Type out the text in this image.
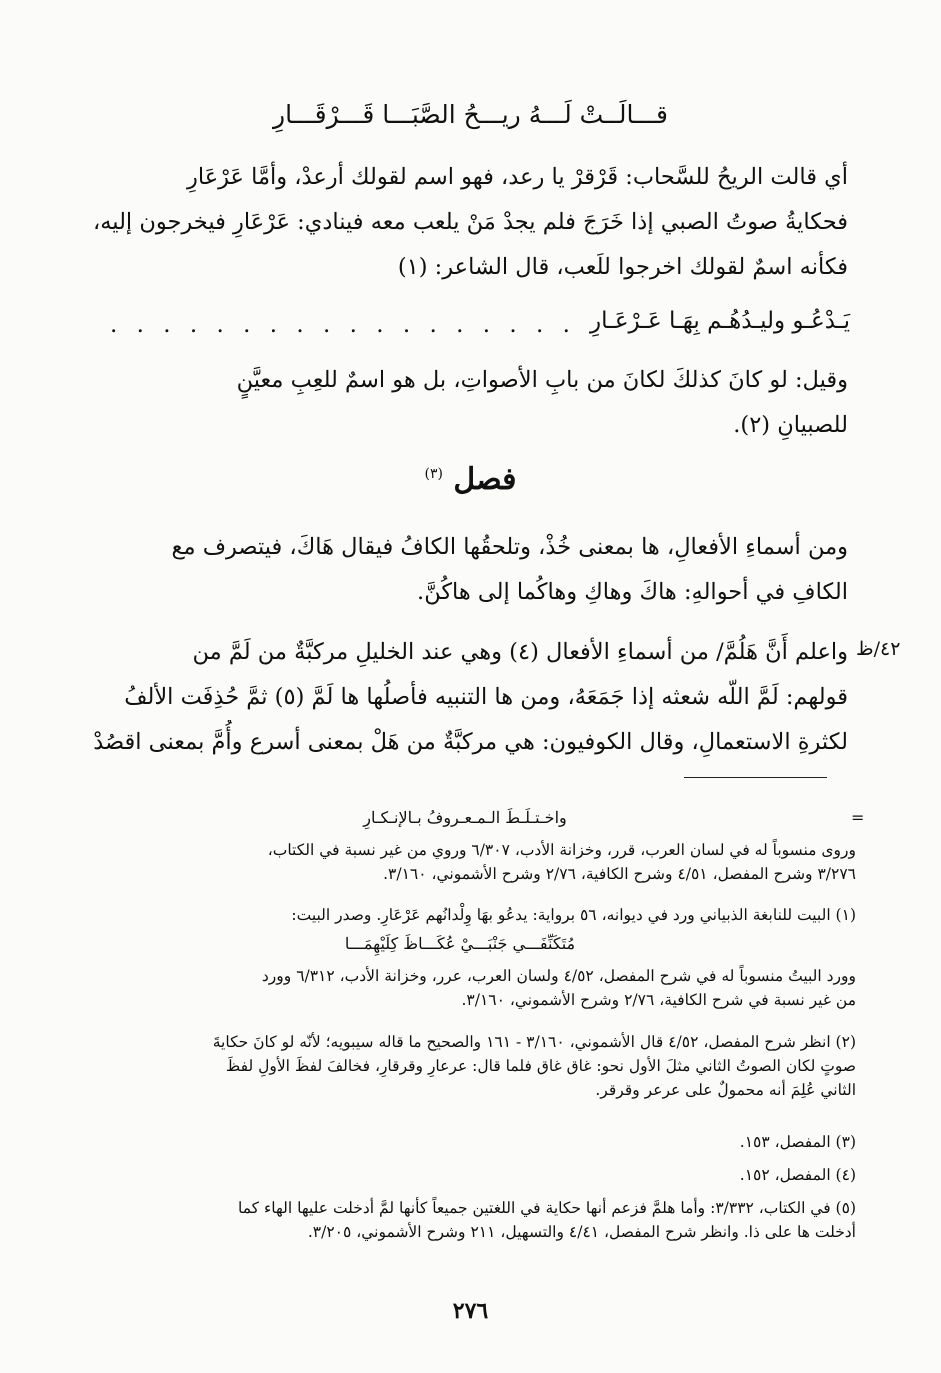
قـــالَــتْ لَـــهُ ريـــحُ الصَّبَـــا قَـــرْقَـــارِ
أي قالت الريحُ للسَّحاب: قَرْقرْ يا رعد، فهو اسم لقولك أرعدْ، وأمَّا عَرْعَارِ
فحكايةُ صوتُ الصبي إذا خَرَجَ فلم يجدْ مَنْ يلعب معه فينادي: عَرْعَارِ فيخرجون إليه،
فكأنه اسمٌ لقولك اخرجوا للَعب، قال الشاعر: (١)
يَـدْعُـو وليـدُهُـم بِهَـا عَـرْعَـارِ
. . . . . . . . . . . . . . . . . .
وقيل: لو كانَ كذلكَ لكانَ من بابِ الأصواتِ، بل هو اسمٌ للعِبِ معيَّنٍ
للصبيانِ (٢).
فصل $^{(٣)}$
ومن أسماءِ الأفعالِ، ها بمعنى خُذْ، وتلحقُها الكافُ فيقال هَاكَ، فيتصرف مع
الكافِ في أحوالهِ: هاكَ وهاكِ وهاكُما إلى هاكُنَّ.
٤٢/ظ
واعلم أَنَّ هَلُمَّ/ من أسماءِ الأفعال (٤) وهي عند الخليلِ مركبَّةٌ من لَمَّ من
قولهم: لَمَّ اللّه شعثه إذا جَمَعَهُ، ومن ها التنبيه فأصلُها ها لَمَّ (٥) ثمَّ حُذِفَت الألفُ
لكثرةِ الاستعمالِ، وقال الكوفيون: هي مركبَّةٌ من هَلْ بمعنى أسرع وأُمَّ بمعنى اقصُدْ
=
واخـتـلَـطَ الـمـعـروفُ بـالإنـكـارِ
وروى منسوباً له في لسان العرب، قرر، وخزانة الأدب، ٦/٣٠٧ وروي من غير نسبة في الكتاب،
٣/٢٧٦ وشرح المفصل، ٤/٥١ وشرح الكافية، ٢/٧٦ وشرح الأشموني، ٣/١٦٠.
(١) البيت للنابغة الذبياني ورد في ديوانه، ٥٦ برواية: يدعُو بهَا وِلْدانُهم عَرْعَارِ. وصدر البيت:
مُتَكَنِّفَـــي جَنْبَـــيْ عُكَـــاظَ كِلَيْهِمَـــا
وورد البيتُ منسوباً له في شرح المفصل، ٤/٥٢ ولسان العرب، عرر، وخزانة الأدب، ٦/٣١٢ وورد
من غير نسبة في شرح الكافية، ٢/٧٦ وشرح الأشموني، ٣/١٦٠.
(٢) انظر شرح المفصل، ٤/٥٢ قال الأشموني، ٣/١٦٠ - ١٦١ والصحيح ما قاله سيبويه؛ لأنّه لو كانَ حكايةَ
صوتٍ لكان الصوتُ الثاني مثلَ الأول نحو: غاق غاق فلما قال: عرعارِ وقرقارِ، فخالفَ لفظَ الأولِ لفظَ
الثاني عُلِمَ أنه محمولٌ على عرعر وقرقر.
(٣) المفصل، ١٥٣.
(٤) المفصل، ١٥٢.
(٥) في الكتاب، ٣/٣٣٢: وأما هلمَّ فزعم أنها حكاية في اللغتين جميعاً كأنها لمَّ أدخلت عليها الهاء كما
أدخلت ها على ذا. وانظر شرح المفصل، ٤/٤١ والتسهيل، ٢١١ وشرح الأشموني، ٣/٢٠٥.
٢٧٦
